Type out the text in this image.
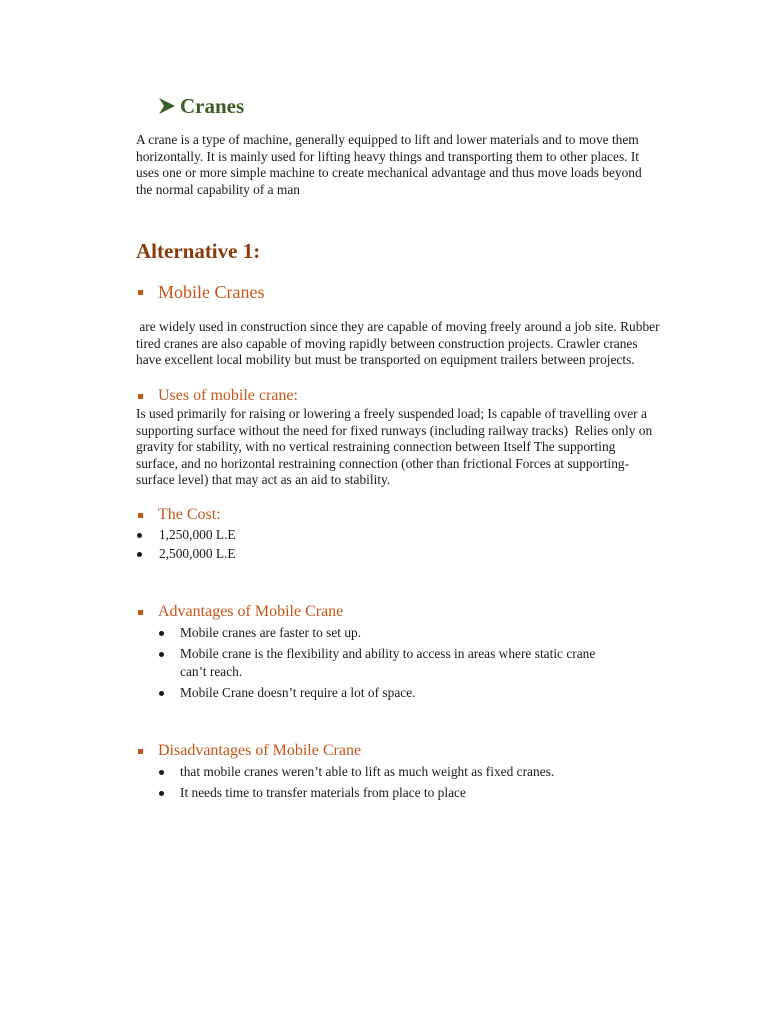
Cranes

A crane is a type of machine, generally equipped to lift and lower materials and to move them

horizontally. It is mainly used for lifting heavy things and transporting them to other places. It

uses one or more simple machine to create mechanical advantage and thus move loads beyond

the normal capability of a man

Alternative 1:
Mobile Cranes

are widely used in construction since they are capable of moving freely around a job site. Rubber

tired cranes are also capable of moving rapidly between construction projects. Crawler cranes

have excellent local mobility but must be transported on equipment trailers between projects.

Uses of mobile crane:

Is used primarily for raising or lowering a freely suspended load; Is capable of travelling over a

supporting surface without the need for fixed runways (including railway tracks)  Relies only on

gravity for stability, with no vertical restraining connection between Itself The supporting

surface, and no horizontal restraining connection (other than frictional Forces at supporting-

surface level) that may act as an aid to stability.

The Cost:
1,250,000 L.E
2,500,000 L.E
Advantages of Mobile Crane
Mobile cranes are faster to set up.
Mobile crane is the flexibility and ability to access in areas where static crane
can’t reach.
Mobile Crane doesn’t require a lot of space.
Disadvantages of Mobile Crane
that mobile cranes weren’t able to lift as much weight as fixed cranes.
It needs time to transfer materials from place to place
